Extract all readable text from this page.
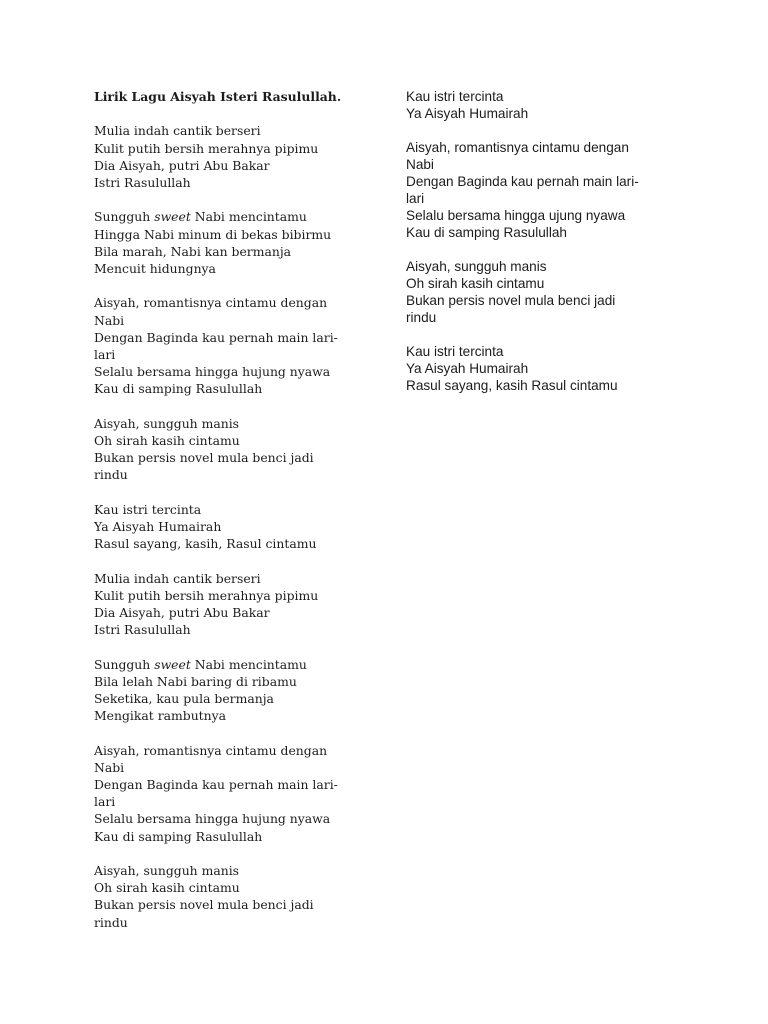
Lirik Lagu Aisyah Isteri Rasulullah.

Mulia indah cantik berseri
Kulit putih bersih merahnya pipimu
Dia Aisyah, putri Abu Bakar
Istri Rasulullah
Sungguh sweet Nabi mencintamu
Hingga Nabi minum di bekas bibirmu
Bila marah, Nabi kan bermanja
Mencuit hidungnya
Aisyah, romantisnya cintamu dengan
Nabi
Dengan Baginda kau pernah main lari-
lari
Selalu bersama hingga hujung nyawa
Kau di samping Rasulullah
Aisyah, sungguh manis
Oh sirah kasih cintamu
Bukan persis novel mula benci jadi
rindu
Kau istri tercinta
Ya Aisyah Humairah
Rasul sayang, kasih, Rasul cintamu
Mulia indah cantik berseri
Kulit putih bersih merahnya pipimu
Dia Aisyah, putri Abu Bakar
Istri Rasulullah
Sungguh sweet Nabi mencintamu
Bila lelah Nabi baring di ribamu
Seketika, kau pula bermanja
Mengikat rambutnya
Aisyah, romantisnya cintamu dengan
Nabi
Dengan Baginda kau pernah main lari-
lari
Selalu bersama hingga hujung nyawa
Kau di samping Rasulullah
Aisyah, sungguh manis
Oh sirah kasih cintamu
Bukan persis novel mula benci jadi
rindu
Kau istri tercinta
Ya Aisyah Humairah
Aisyah, romantisnya cintamu dengan
Nabi
Dengan Baginda kau pernah main lari-
lari
Selalu bersama hingga ujung nyawa
Kau di samping Rasulullah
Aisyah, sungguh manis
Oh sirah kasih cintamu
Bukan persis novel mula benci jadi
rindu
Kau istri tercinta
Ya Aisyah Humairah
Rasul sayang, kasih Rasul cintamu
